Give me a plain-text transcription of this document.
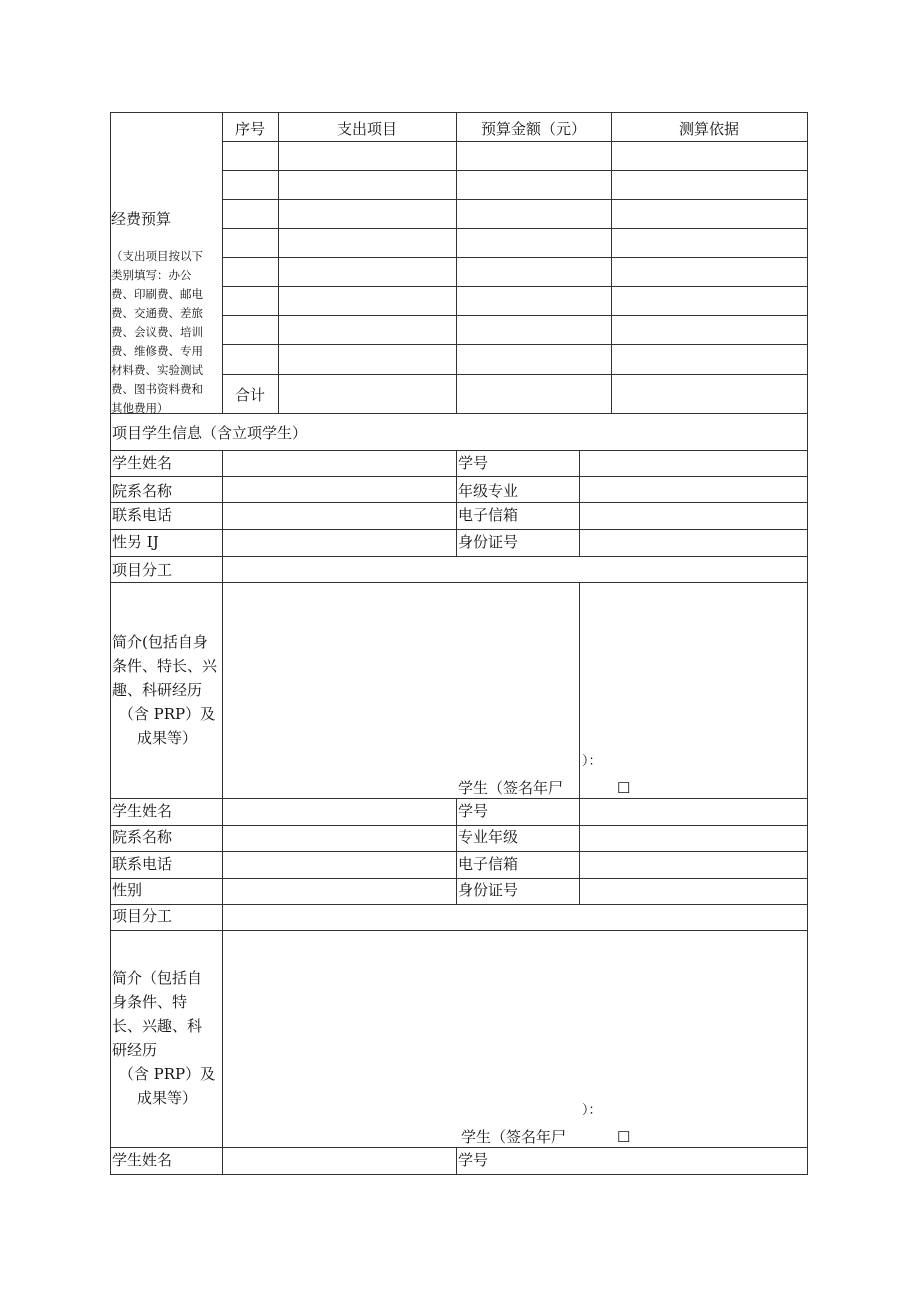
经费预算
（支出项目按以下
类别填写：办公
费、印刷费、邮电
费、交通费、差旅
费、会议费、培训
费、维修费、专用
材料费、实验测试
费、图书资料费和
其他费用）
序号	支出项目	预算金额（元）	测算依据
合计
项目学生信息（含立项学生）
学生姓名	学号
院系名称	年级专业
联系电话	电子信箱
性另 IJ	身份证号
项目分工
简介(包括自身
条件、特长、兴
趣、科研经历
（含 PRP）及
成果等）
）：
学生（签名年尸	☐
学生姓名	学号
院系名称	专业年级
联系电话	电子信箱
性别	身份证号
项目分工
简介（包括自
身条件、特
长、兴趣、科
研经历
（含 PRP）及
成果等）
）：
学生（签名年尸	☐
学生姓名	学号
